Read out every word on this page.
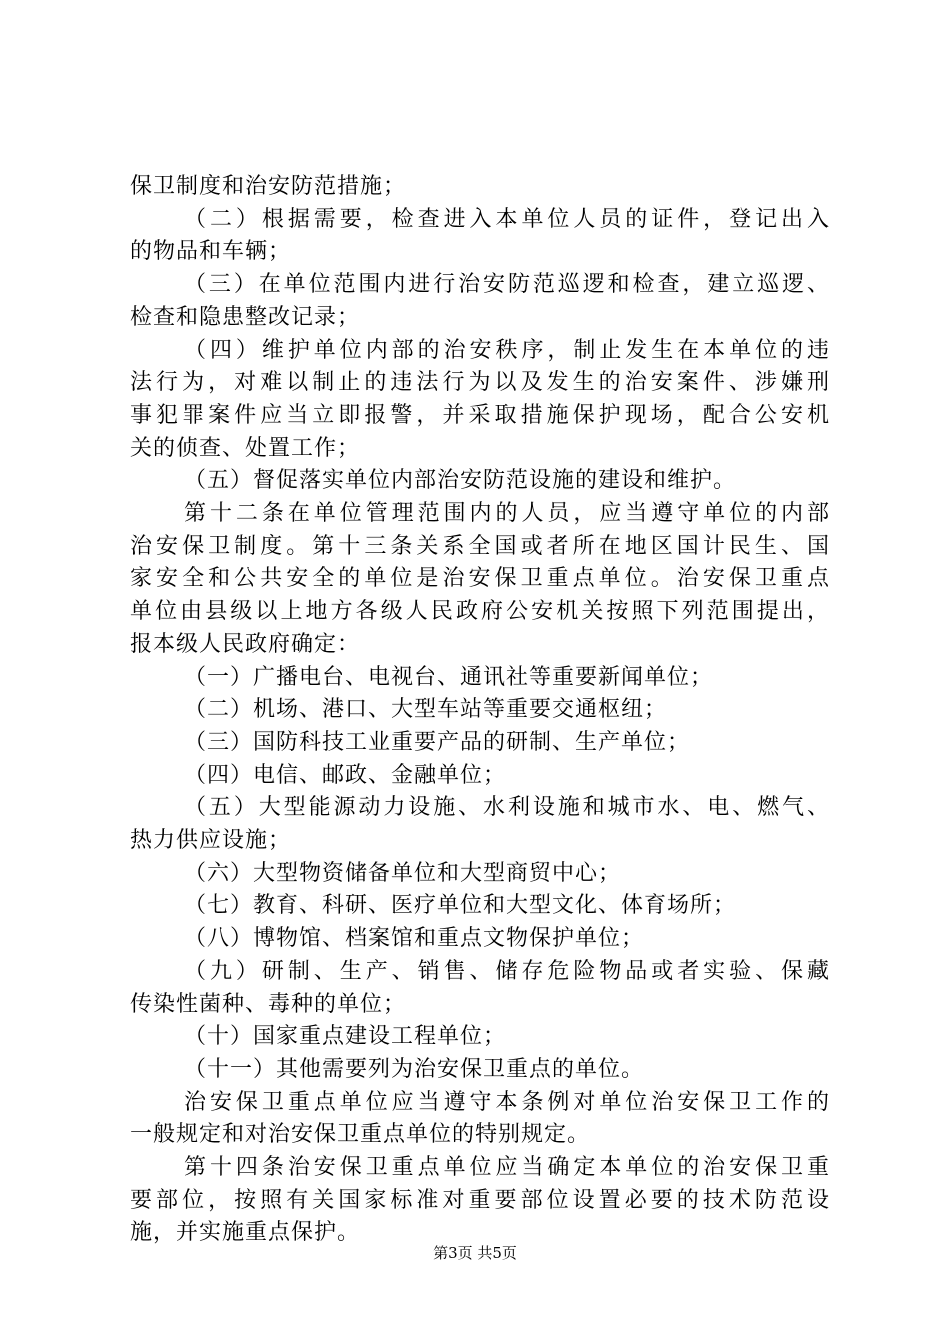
保卫制度和治安防范措施；
（二）根据需要，检查进入本单位人员的证件，登记出入
的物品和车辆；
（三）在单位范围内进行治安防范巡逻和检查，建立巡逻、
检查和隐患整改记录；
（四）维护单位内部的治安秩序，制止发生在本单位的违
法行为，对难以制止的违法行为以及发生的治安案件、涉嫌刑
事犯罪案件应当立即报警，并采取措施保护现场，配合公安机
关的侦查、处置工作；
（五）督促落实单位内部治安防范设施的建设和维护。
第十二条在单位管理范围内的人员，应当遵守单位的内部
治安保卫制度。第十三条关系全国或者所在地区国计民生、国
家安全和公共安全的单位是治安保卫重点单位。治安保卫重点
单位由县级以上地方各级人民政府公安机关按照下列范围提出，
报本级人民政府确定：
（一）广播电台、电视台、通讯社等重要新闻单位；
（二）机场、港口、大型车站等重要交通枢纽；
（三）国防科技工业重要产品的研制、生产单位；
（四）电信、邮政、金融单位；
（五）大型能源动力设施、水利设施和城市水、电、燃气、
热力供应设施；
（六）大型物资储备单位和大型商贸中心；
（七）教育、科研、医疗单位和大型文化、体育场所；
（八）博物馆、档案馆和重点文物保护单位；
（九）研制、生产、销售、储存危险物品或者实验、保藏
传染性菌种、毒种的单位；
（十）国家重点建设工程单位；
（十一）其他需要列为治安保卫重点的单位。
治安保卫重点单位应当遵守本条例对单位治安保卫工作的
一般规定和对治安保卫重点单位的特别规定。
第十四条治安保卫重点单位应当确定本单位的治安保卫重
要部位，按照有关国家标准对重要部位设置必要的技术防范设
施，并实施重点保护。
第3页 共5页
